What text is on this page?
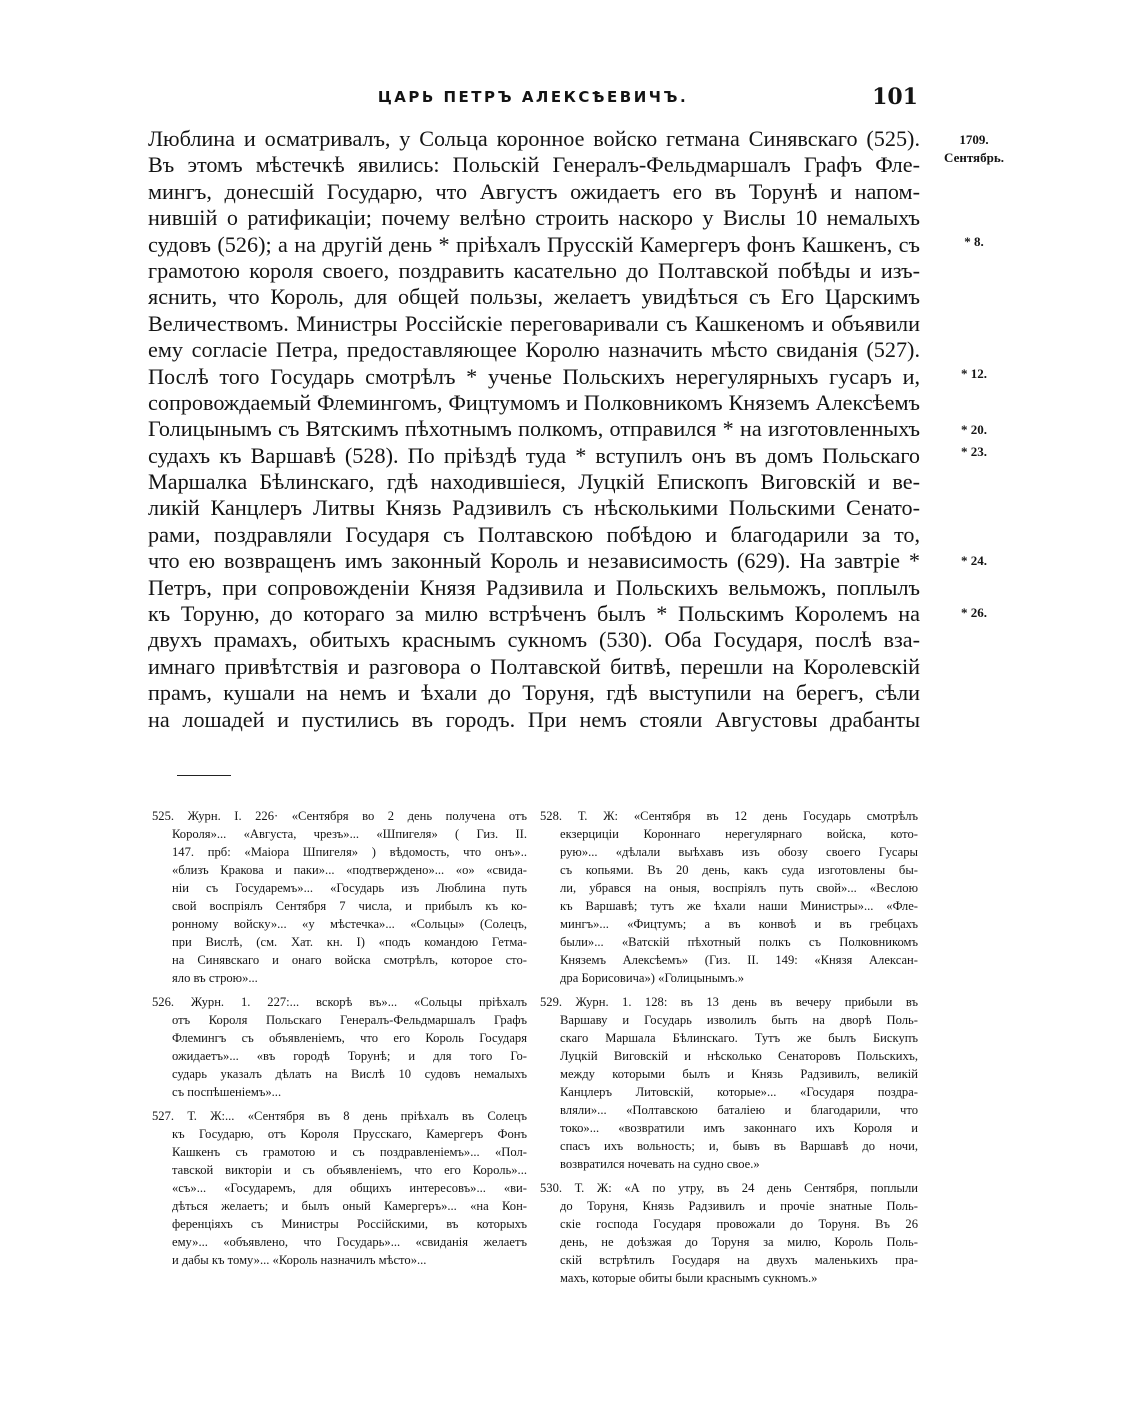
ЦАРЬ ПЕТРЪ АЛЕКСѢЕВИЧЪ.	101
Люблина и осматривалъ, у Сольца коронное войско гетмана Синявскаго (525).
Въ этомъ мѣстечкѣ явились: Польскій Генералъ-Фельдмаршалъ Графъ Флe-
мингъ, донесшій Государю, что Августъ ожидаетъ его въ Торунѣ и напом-
нившій о ратификаціи; почему велѣно строить наскоро у Вислы 10 немалыхъ
судовъ (526); а на другій день * пріѣхалъ Прусскій Камергеръ фонъ Кашкенъ, съ
грамотою короля своего, поздравить касательно до Полтавской побѣды и изъ-
яснить, что Король, для общей пользы, желаетъ увидѣться съ Его Царскимъ
Величествомъ. Министры Россійскіе переговаривали съ Кашкеномъ и объявили
ему согласіе Петра, предоставляющее Королю назначить мѣсто свиданія (527).
Послѣ того Государь смотрѣлъ * ученье Польскихъ нерегулярныхъ гусаръ и,
сопровождаемый Флемингомъ, Фицтумомъ и Полковникомъ Княземъ Алексѣемъ
Голицынымъ съ Вятскимъ пѣхотнымъ полкомъ, отправился * на изготовленныхъ
судахъ къ Варшавѣ (528). По пріѣздѣ туда * вступилъ онъ въ домъ Польскаго
Маршалка Бѣлинскаго, гдѣ находившіеся, Луцкій Епископъ Виговскій и ве-
ликій Канцлеръ Литвы Князь Радзивилъ съ нѣсколькими Польскими Сенато-
рами, поздравляли Государя съ Полтавскою побѣдою и благодарили за то,
что ею возвращенъ имъ законный Король и независимость (629). На завтріе *
Петръ, при сопровожденіи Князя Радзивила и Польскихъ вельможъ, поплылъ
къ Торуню, до котораго за милю встрѣченъ былъ * Польскимъ Королемъ на
двухъ прамахъ, обитыхъ краснымъ сукномъ (530). Оба Государя, послѣ вза-
имнаго привѣтствія и разговора о Полтавской битвѣ, перешли на Королевскій
прамъ, кушали на немъ и ѣхали до Торуня, гдѣ выступили на берегъ, сѣли
на лошадей и пустились въ городъ. При немъ стояли Августовы драбанты
1709.
Сентябрь.
* 8.
* 12.
* 20.
* 23.
* 24.
* 26.
525. Журн. I. 226· «Сентября во 2 день получена отъ
Короля»... «Августа, чрезъ»... «Шпигеля» ( Гиз. II.
147. прб: «Маіора Шпигеля» ) вѣдомость, что онъ»..
«близъ Кракова и паки»... «подтверждено»... «о» «свида-
ніи съ Государемъ»... «Государь изъ Люблина путь
свой воспріялъ Сентября 7 числа, и прибылъ къ ко-
ронному войску»... «у мѣстечка»... «Сольцы» (Солецъ,
при Вислѣ, (см. Хат. кн. I) «подъ командою Гетма-
на Синявскаго и онаго войска смотрѣлъ, которое сто-
яло въ строю»...
526. Журн. 1. 227:... вскорѣ въ»... «Сольцы пріѣхалъ
отъ Короля Польскаго Генералъ-Фельдмаршалъ Графъ
Флемингъ съ объявленіемъ, что его Король Государя
ожидаетъ»... «въ городѣ Торунѣ; и для того Го-
сударь указалъ дѣлать на Вислѣ 10 судовъ немалыхъ
съ поспѣшеніемъ»...
527. Т. Ж:... «Сентября въ 8 день пріѣхалъ въ Солецъ
къ Государю, отъ Короля Прусскаго, Камергеръ Фонъ
Кашкенъ съ грамотою и съ поздравленіемъ»... «Пол-
тавской викторіи и съ объявленіемъ, что его Король»...
«съ»... «Государемъ, для общихъ интересовъ»... «ви-
дѣться желаетъ; и былъ оный Камергеръ»... «на Кон-
ференціяхъ съ Министры Россійскими, въ которыхъ
ему»... «объявлено, что Государь»... «свиданія желаетъ
и дабы къ тому»... «Король назначилъ мѣсто»...
528. Т. Ж: «Сентября въ 12 день Государь смотрѣлъ
екзерциціи Короннаго нерегулярнаго войска, кото-
рую»... «дѣлали выѣхавъ изъ обозу своего Гусары
съ копьями. Въ 20 день, какъ суда изготовлены бы-
ли, убрався на оныя, воспріялъ путь свой»... «Веслою
къ Варшавѣ; тутъ же ѣхали наши Министры»... «Флe-
мингъ»... «Фицтумъ; а въ конвоѣ и въ гребцахъ
были»... «Ватскій пѣхотный полкъ съ Полковникомъ
Княземъ Алексѣемъ» (Гиз. II. 149: «Князя Алексан-
дра Борисовича») «Голицынымъ.»
529. Журн. 1. 128: въ 13 день въ вечеру прибыли въ
Варшаву и Государь изволилъ быть на дворѣ Поль-
скаго Маршала Бѣлинскаго. Тутъ же былъ Бискупъ
Луцкій Виговскій и нѣсколько Сенаторовъ Польскихъ,
между которыми былъ и Князь Радзивилъ, великій
Канцлеръ Литовскій, которые»... «Государя поздра-
вляли»... «Полтавскою баталіею и благодарили, что
токо»... «возвратили имъ законнаго ихъ Короля и
спасъ ихъ вольность; и, бывъ въ Варшавѣ до ночи,
возвратился ночевать на судно свое.»
530. Т. Ж: «А по утру, въ 24 день Сентября, поплыли
до Торуня, Князь Радзивилъ и прочіе знатные Поль-
скіе господа Государя провожали до Торуня. Въ 26
день, не доѣзжая до Торуня за милю, Король Поль-
скій встрѣтилъ Государя на двухъ маленькихъ пра-
махъ, которые обиты были краснымъ сукномъ.»
